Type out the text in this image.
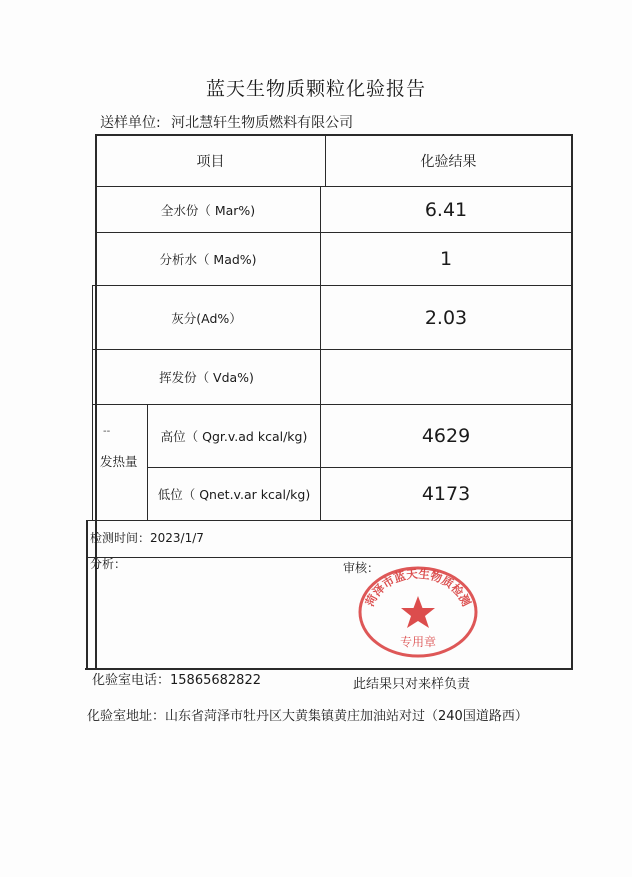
蓝天生物质颗粒化验报告
送样单位: 河北慧轩生物质燃料有限公司
项目	化验结果
全水份（ Mar%)	6.41
分析水（ Mad%)	1
灰分(Ad%）	2.03
挥发份（ Vda%)
--
发热量
高位（ Qgr.v.ad kcal/kg)	4629
低位（ Qnet.v.ar kcal/kg)	4173
检测时间：2023/1/7
分析：	审核：
菏泽市蓝天生物质检测
专用章
化验室电话：15865682822	此结果只对来样负责
化验室地址：山东省菏泽市牡丹区大黄集镇黄庄加油站对过（240国道路西）
